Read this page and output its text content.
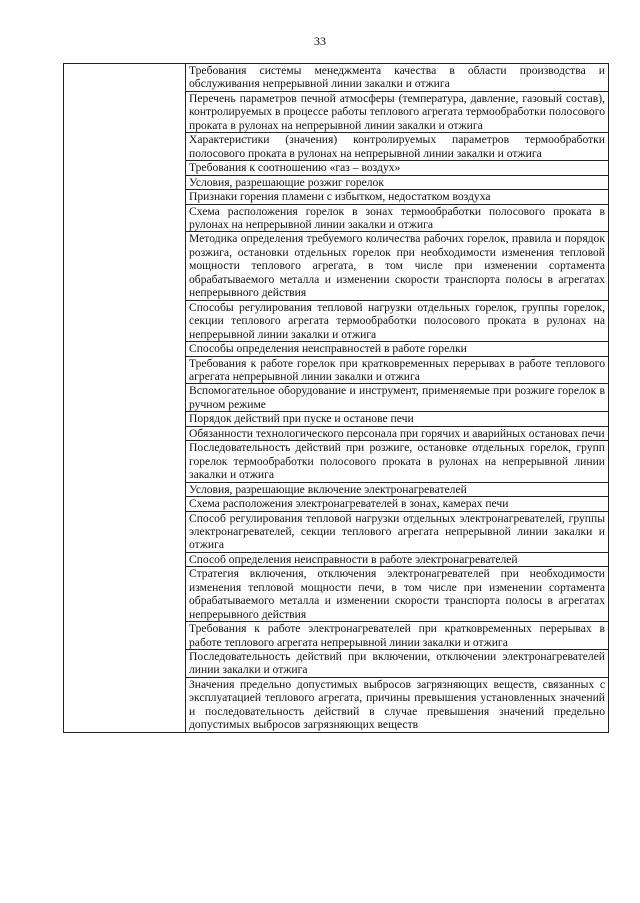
33
	Требования системы менеджмента качества в области производства и обслуживания непрерывной линии закалки и отжига
Перечень параметров печной атмосферы (температура, давление, газовый состав), контролируемых в процессе работы теплового агрегата термообработки полосового проката в рулонах на непрерывной линии закалки и отжига
Характеристики (значения) контролируемых параметров термообработки полосового проката в рулонах на непрерывной линии закалки и отжига
Требования к соотношению «газ – воздух»
Условия, разрешающие розжиг горелок
Признаки горения пламени с избытком, недостатком воздуха
Схема расположения горелок в зонах термообработки полосового проката в рулонах на непрерывной линии закалки и отжига
Методика определения требуемого количества рабочих горелок, правила и порядок розжига, остановки отдельных горелок при необходимости изменения тепловой мощности теплового агрегата, в том числе при изменении сортамента обрабатываемого металла и изменении скорости транспорта полосы в агрегатах непрерывного действия
Способы регулирования тепловой нагрузки отдельных горелок, группы горелок, секции теплового агрегата термообработки полосового проката в рулонах на непрерывной линии закалки и отжига
Способы определения неисправностей в работе горелки
Требования к работе горелок при кратковременных перерывах в работе теплового агрегата непрерывной линии закалки и отжига
Вспомогательное оборудование и инструмент, применяемые при розжиге горелок в ручном режиме
Порядок действий при пуске и останове печи
Обязанности технологического персонала при горячих и аварийных остановах печи
Последовательность действий при розжиге, остановке отдельных горелок, групп горелок термообработки полосового проката в рулонах на непрерывной линии закалки и отжига
Условия, разрешающие включение электронагревателей
Схема расположения электронагревателей в зонах, камерах печи
Способ регулирования тепловой нагрузки отдельных электронагревателей, группы электронагревателей, секции теплового агрегата непрерывной линии закалки и отжига
Способ определения неисправности в работе электронагревателей
Стратегия включения, отключения электронагревателей при необходимости изменения тепловой мощности печи, в том числе при изменении сортамента обрабатываемого металла и изменении скорости транспорта полосы в агрегатах непрерывного действия
Требования к работе электронагревателей при кратковременных перерывах в работе теплового агрегата непрерывной линии закалки и отжига
Последовательность действий при включении, отключении электронагревателей линии закалки и отжига
Значения предельно допустимых выбросов загрязняющих веществ, связанных с эксплуатацией теплового агрегата, причины превышения установленных значений и последовательность действий в случае превышения значений предельно допустимых выбросов загрязняющих веществ
